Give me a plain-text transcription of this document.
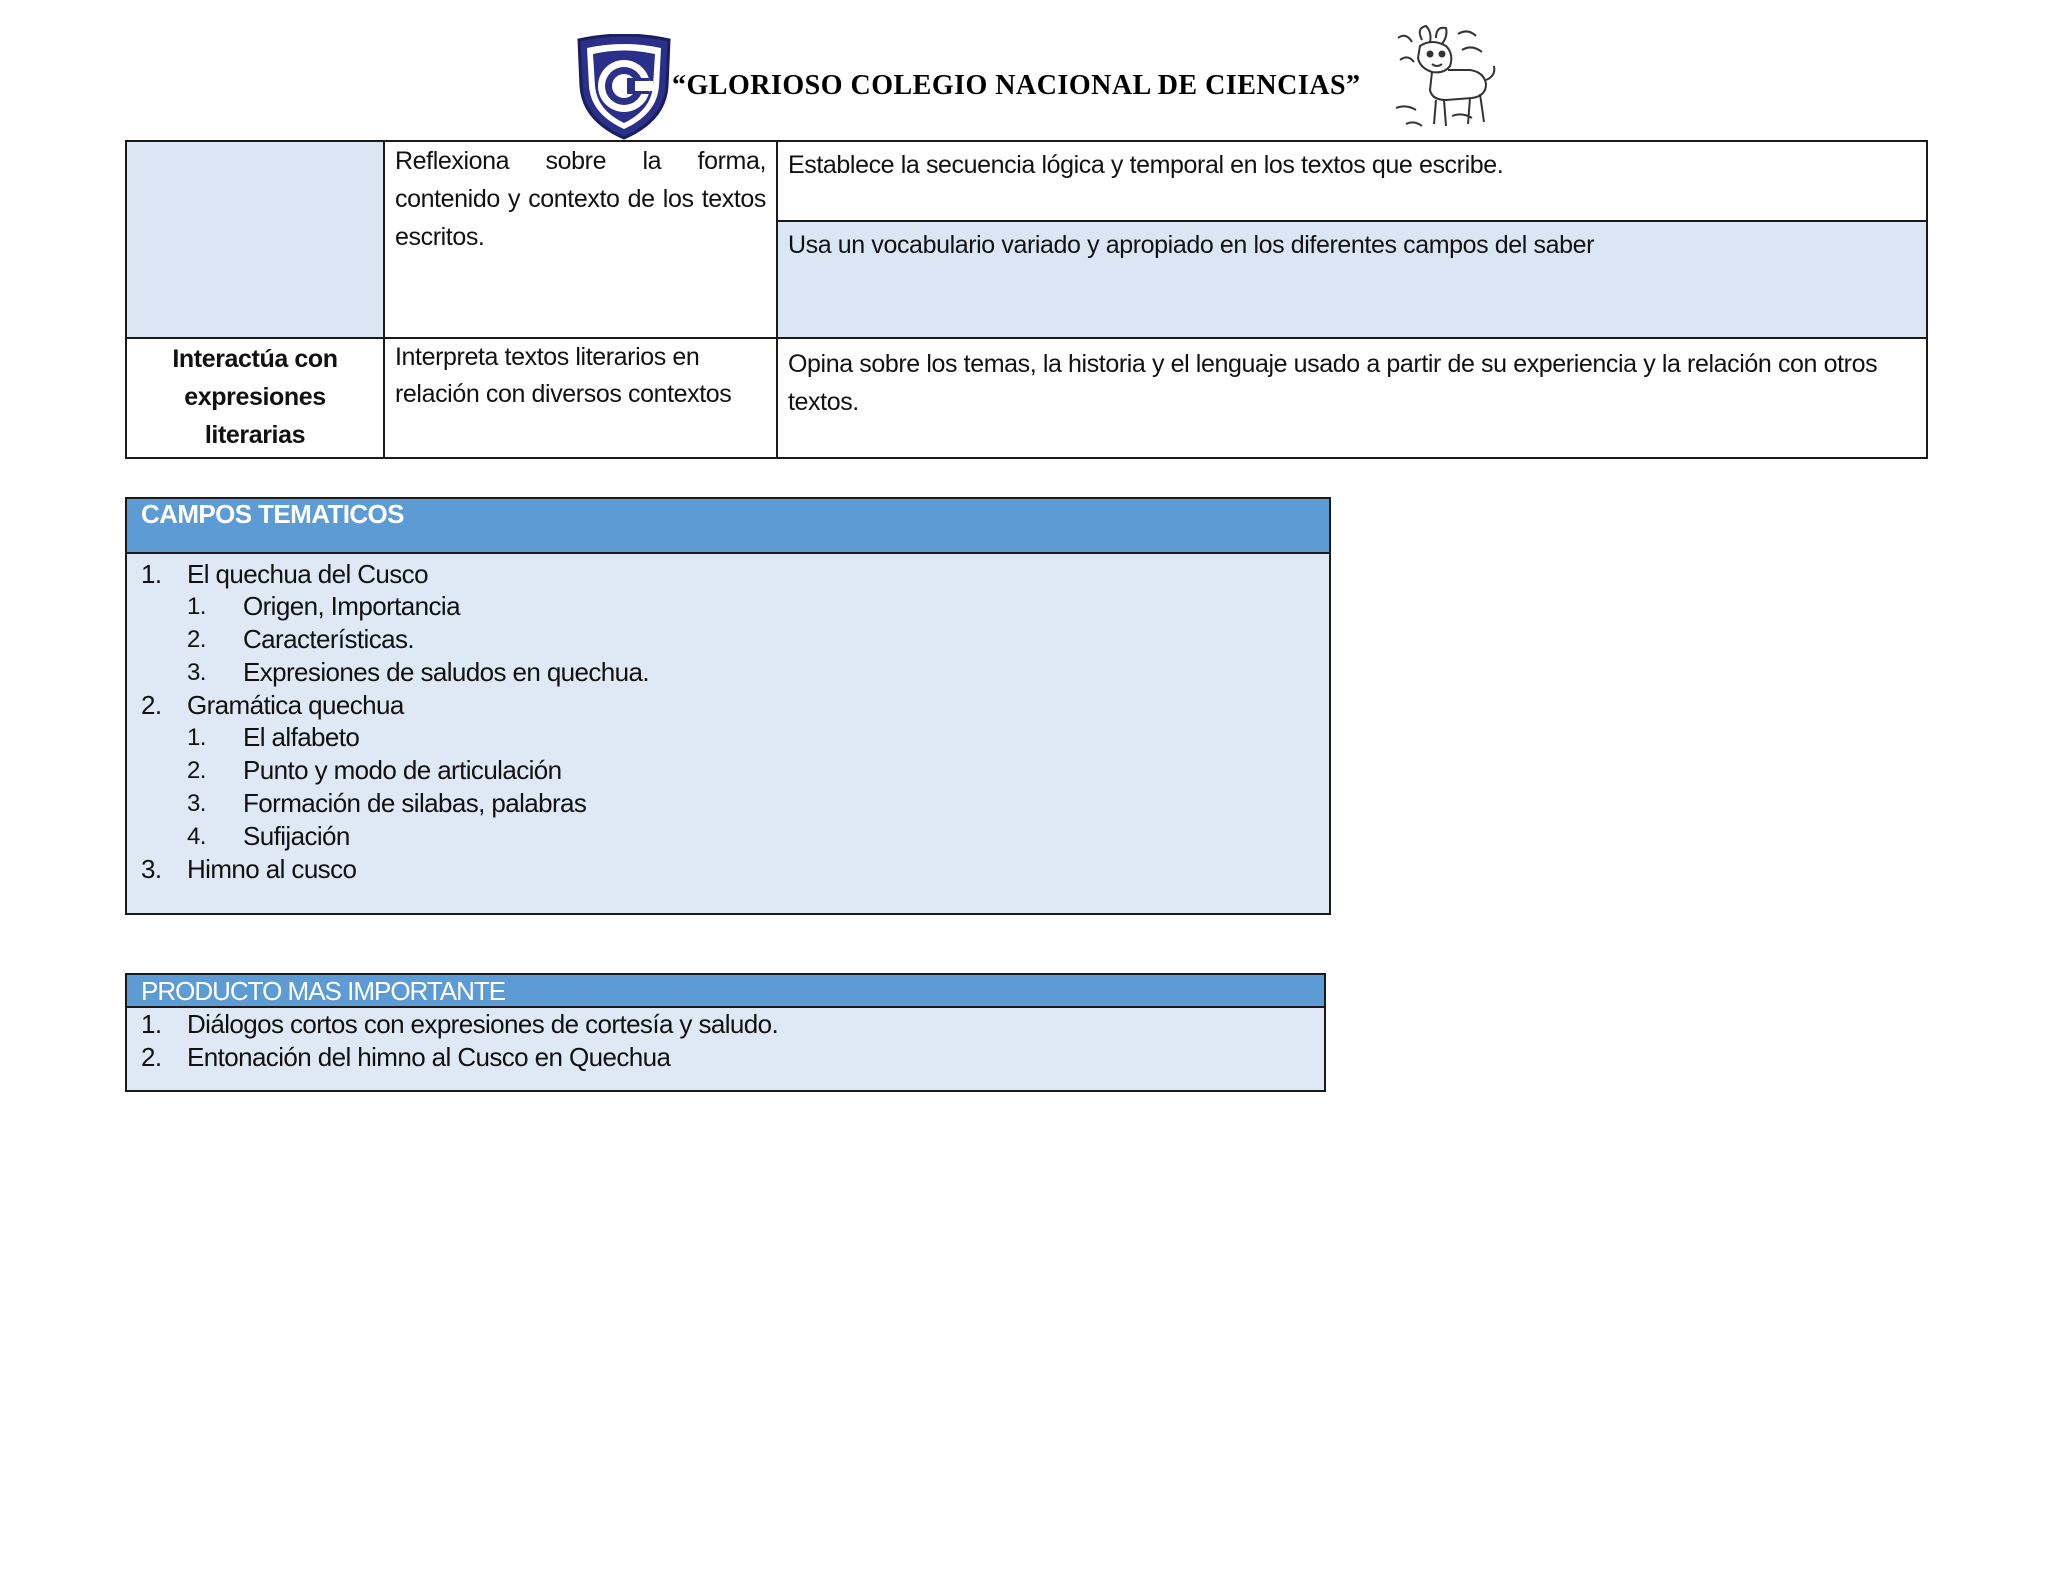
“GLORIOSO COLEGIO NACIONAL DE CIENCIAS”
	Reflexiona sobre la forma, contenido y contexto de los textos escritos.	Establece la secuencia lógica y temporal en los textos que escribe.
		Usa un vocabulario variado y apropiado en los diferentes campos del saber
Interactúa con expresiones literarias	Interpreta textos literarios en relación con diversos contextos	Opina sobre los temas, la historia y el lenguaje usado a partir de su experiencia y la relación con otros textos.
CAMPOS TEMATICOS
1. El quechua del Cusco
1. Origen, Importancia
2. Características.
3. Expresiones de saludos en quechua.
2. Gramática quechua
1. El alfabeto
2. Punto y modo de articulación
3. Formación de silabas, palabras
4. Sufijación
3. Himno al cusco
PRODUCTO MAS IMPORTANTE
1. Diálogos cortos con expresiones de cortesía y saludo.
2. Entonación del himno al Cusco en Quechua
